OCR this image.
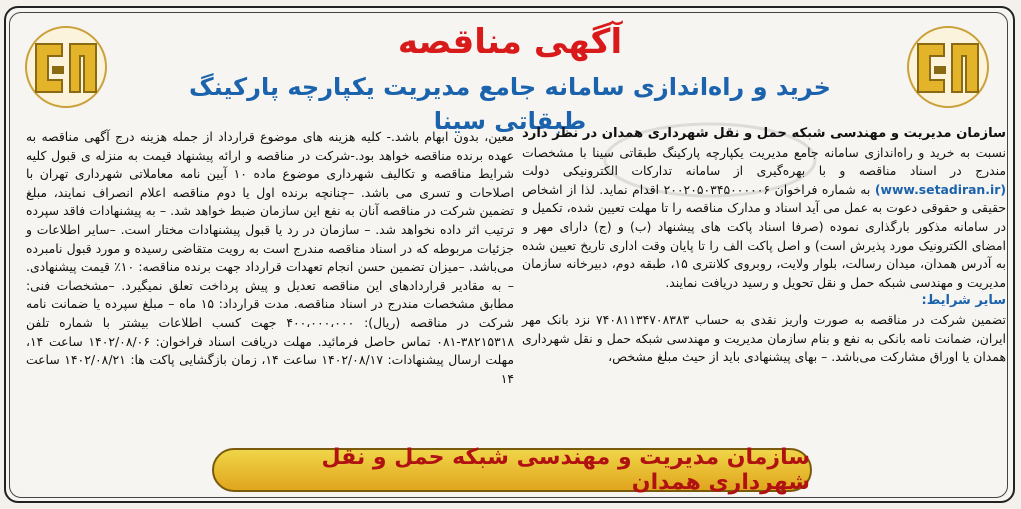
آگهی مناقصه
خرید و راه‌اندازی سامانه جامع مدیریت یکپارچه پارکینگ طبقاتی سینا
سازمان مدیریت و مهندسی شبکه حمل و نقل شهرداری همدان در نظر دارد نسبت به خرید و راه‌اندازی سامانه جامع مدیریت یکپارچه پارکینگ طبقاتی سینا با مشخصات مندرج در اسناد مناقصه و با بهره‌گیری از سامانه تدارکات الکترونیکی دولت (www.setadiran.ir) به شماره فراخوان ۲۰۰۲۰۵۰۳۴۵۰۰۰۰۰۶ اقدام نماید. لذا از اشخاص حقیقی و حقوقی دعوت به عمل می آید اسناد و مدارک مناقصه را تا مهلت تعیین شده، تکمیل و در سامانه مذکور بارگذاری نموده (صرفا اسناد پاکت های پیشنهاد (ب) و (ج) دارای مهر و امضای الکترونیک مورد پذیرش است) و اصل پاکت الف را تا پایان وقت اداری تاریخ تعیین شده به آدرس همدان، میدان رسالت، بلوار ولایت، روبروی کلانتری ۱۵، طبقه دوم، دبیرخانه سازمان مدیریت و مهندسی شبکه حمل و نقل تحویل و رسید دریافت نمایند.
سایر شرایط:
تضمین شرکت در مناقصه به صورت واریز نقدی به حساب ۷۴۰۸۱۱۳۴۷۰۸۳۸۳ نزد بانک مهر ایران، ضمانت نامه بانکی به نفع و بنام سازمان مدیریت و مهندسی شبکه حمل و نقل شهرداری همدان یا اوراق مشارکت می‌باشد. – بهای پیشنهادی باید از حیث مبلغ مشخص،
معین، بدون ابهام باشد.- کلیه هزینه های موضوع قرارداد از جمله هزینه درج آگهی مناقصه به عهده برنده مناقصه خواهد بود.-شرکت در مناقصه و ارائه پیشنهاد قیمت به منزله ی قبول کلیه شرایط مناقصه و تکالیف شهرداری موضوع ماده ۱۰ آیین نامه معاملاتی شهرداری تهران با اصلاحات و تسری می باشد. –چنانچه برنده اول یا دوم مناقصه اعلام انصراف نمایند، مبلغ تضمین شرکت در مناقصه آنان به نفع این سازمان ضبط خواهد شد. – به پیشنهادات فاقد سپرده ترتیب اثر داده نخواهد شد. – سازمان در رد یا قبول پیشنهادات مختار است. –سایر اطلاعات و جزئیات مربوطه که در اسناد مناقصه مندرج است به رویت متقاضی رسیده و مورد قبول نامبرده می‌باشد. –میزان تضمین حسن انجام تعهدات قرارداد جهت برنده مناقصه: ۱۰٪ قیمت پیشنهادی. – به مقادیر قراردادهای این مناقصه تعدیل و پیش پرداخت تعلق نمیگیرد. –مشخصات فنی: مطابق مشخصات مندرج در اسناد مناقصه. مدت قرارداد: ۱۵ ماه – مبلغ سپرده یا ضمانت نامه شرکت در مناقصه (ریال): ۴۰۰،۰۰۰،۰۰۰ جهت کسب اطلاعات بیشتر با شماره تلفن ۳۸۲۱۵۳۱۸-۰۸۱ تماس حاصل فرمائید. مهلت دریافت اسناد فراخوان: ۱۴۰۲/۰۸/۰۶ ساعت ۱۴، مهلت ارسال پیشنهادات: ۱۴۰۲/۰۸/۱۷ ساعت ۱۴، زمان بازگشایی پاکت ها: ۱۴۰۲/۰۸/۲۱ ساعت ۱۴
سازمان مدیریت و مهندسی شبکه حمل و نقل شهرداری همدان
